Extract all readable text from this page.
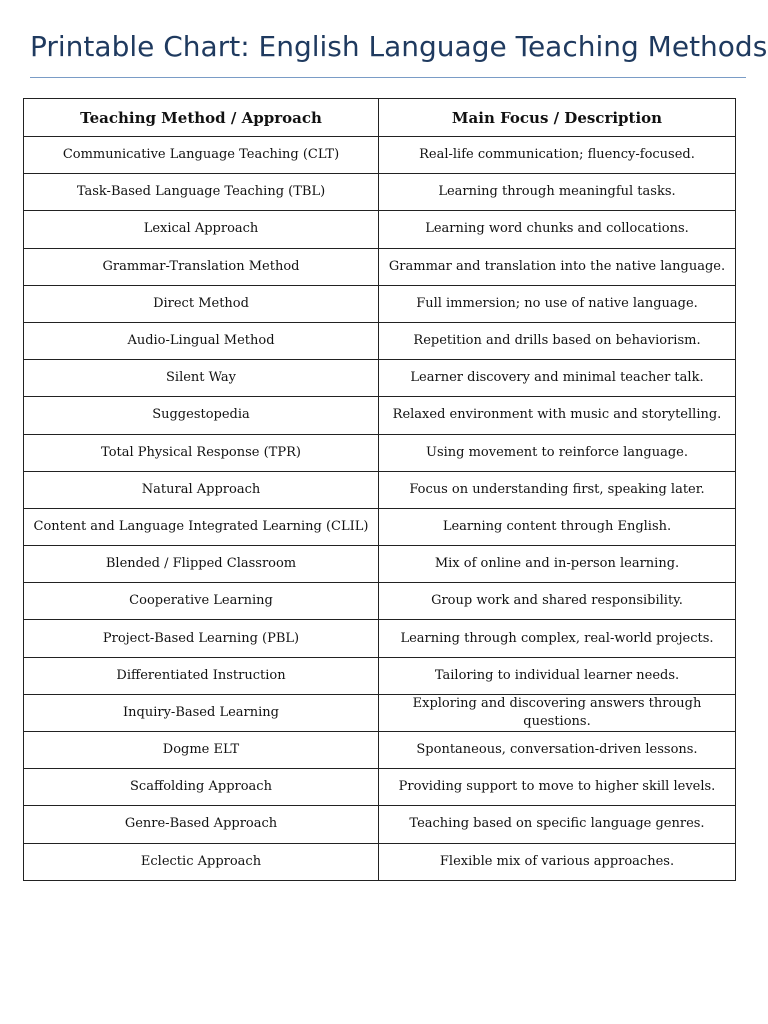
Printable Chart: English Language Teaching Methods
Teaching Method / Approach	Main Focus / Description
Communicative Language Teaching (CLT)	Real-life communication; fluency-focused.
Task-Based Language Teaching (TBL)	Learning through meaningful tasks.
Lexical Approach	Learning word chunks and collocations.
Grammar-Translation Method	Grammar and translation into the native language.
Direct Method	Full immersion; no use of native language.
Audio-Lingual Method	Repetition and drills based on behaviorism.
Silent Way	Learner discovery and minimal teacher talk.
Suggestopedia	Relaxed environment with music and storytelling.
Total Physical Response (TPR)	Using movement to reinforce language.
Natural Approach	Focus on understanding first, speaking later.
Content and Language Integrated Learning (CLIL)	Learning content through English.
Blended / Flipped Classroom	Mix of online and in-person learning.
Cooperative Learning	Group work and shared responsibility.
Project-Based Learning (PBL)	Learning through complex, real-world projects.
Differentiated Instruction	Tailoring to individual learner needs.
Inquiry-Based Learning	Exploring and discovering answers through questions.
Dogme ELT	Spontaneous, conversation-driven lessons.
Scaffolding Approach	Providing support to move to higher skill levels.
Genre-Based Approach	Teaching based on specific language genres.
Eclectic Approach	Flexible mix of various approaches.
